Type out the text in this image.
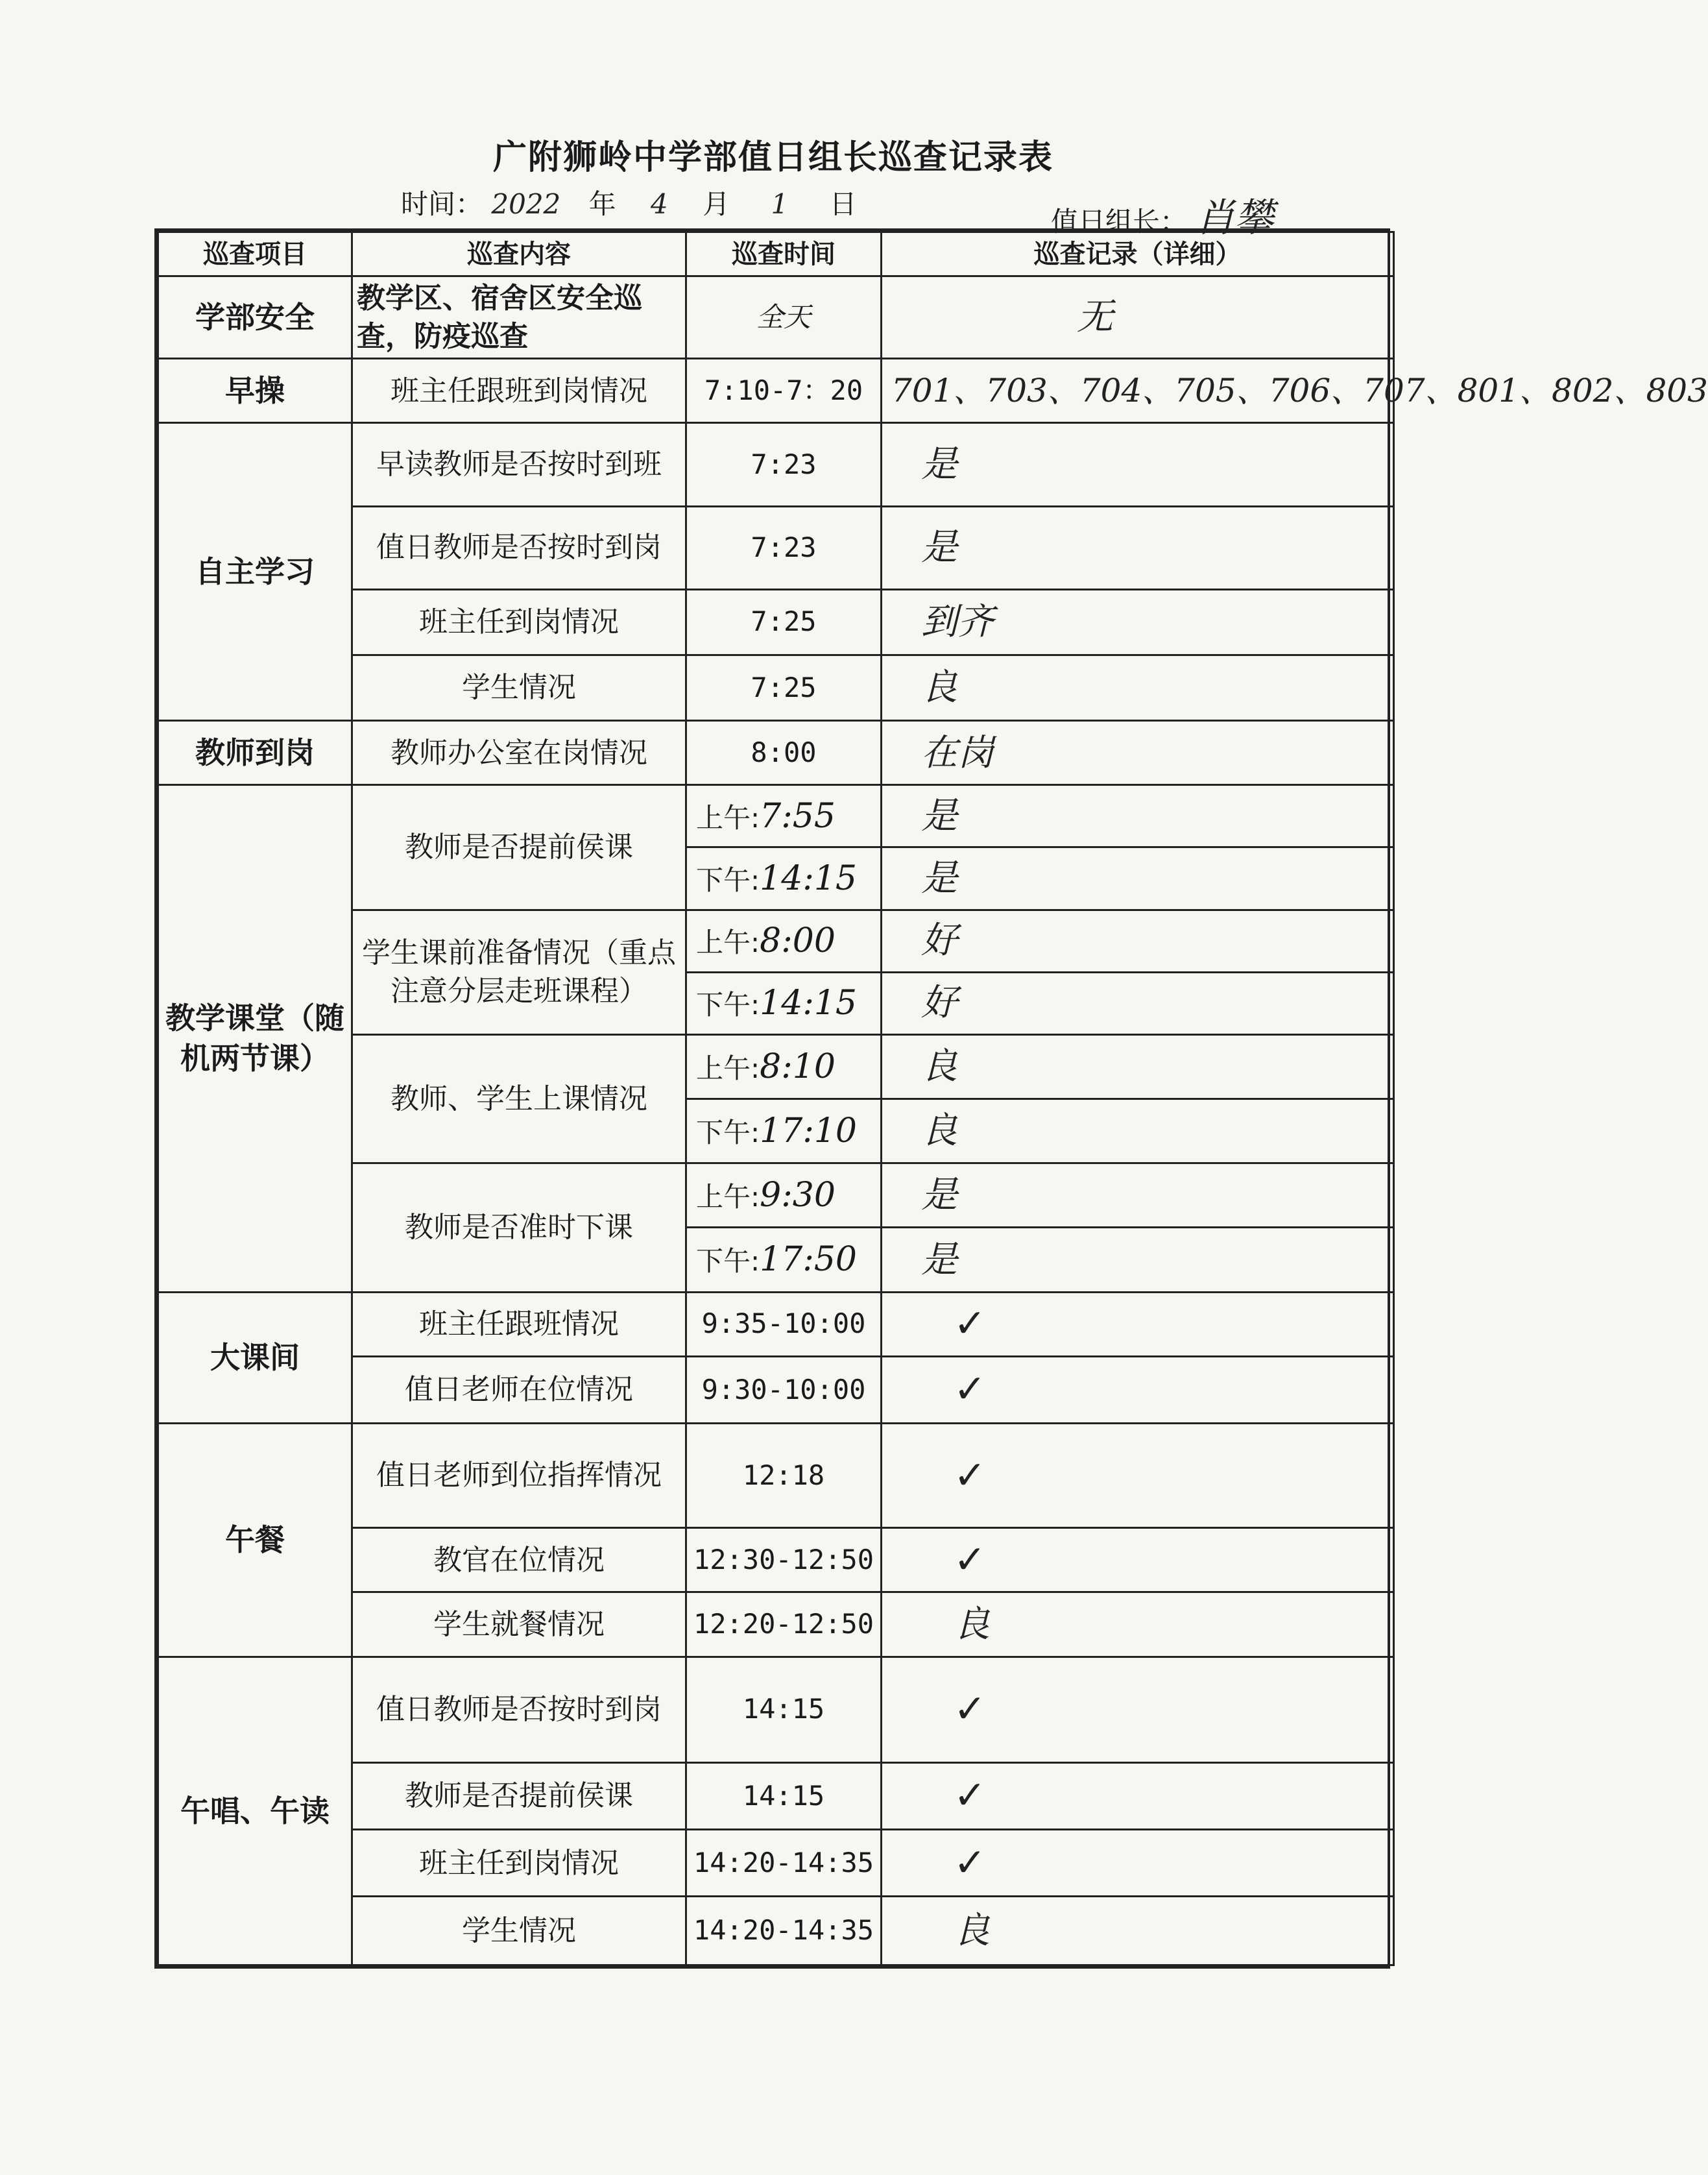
广附狮岭中学部值日组长巡查记录表
时间： 2022 年 4 月 1 日
值日组长： 肖攀
巡查项目	巡查内容	巡查时间	巡查记录（详细）
学部安全	教学区、宿舍区安全巡查，防疫巡查	全天	无
早操	班主任跟班到岗情况	7:10-7：20	701、703、704、705、706、707、801、802、803
自主学习	早读教师是否按时到班	7:23	是
	值日教师是否按时到岗	7:23	是
	班主任到岗情况	7:25	到齐
	学生情况	7:25	良
教师到岗	教师办公室在岗情况	8:00	在岗
教学课堂（随机两节课）	教师是否提前侯课	上午:7:55	是
		下午:14:15	是
	学生课前准备情况（重点注意分层走班课程）	上午:8:00	好
		下午:14:15	好
	教师、学生上课情况	上午:8:10	良
		下午:17:10	良
	教师是否准时下课	上午:9:30	是
		下午:17:50	是
大课间	班主任跟班情况	9:35-10:00	✓
	值日老师在位情况	9:30-10:00	✓
午餐	值日老师到位指挥情况	12:18	✓
	教官在位情况	12:30-12:50	✓
	学生就餐情况	12:20-12:50	良
午唱、午读	值日教师是否按时到岗	14:15	✓
	教师是否提前侯课	14:15	✓
	班主任到岗情况	14:20-14:35	✓
	学生情况	14:20-14:35	良
